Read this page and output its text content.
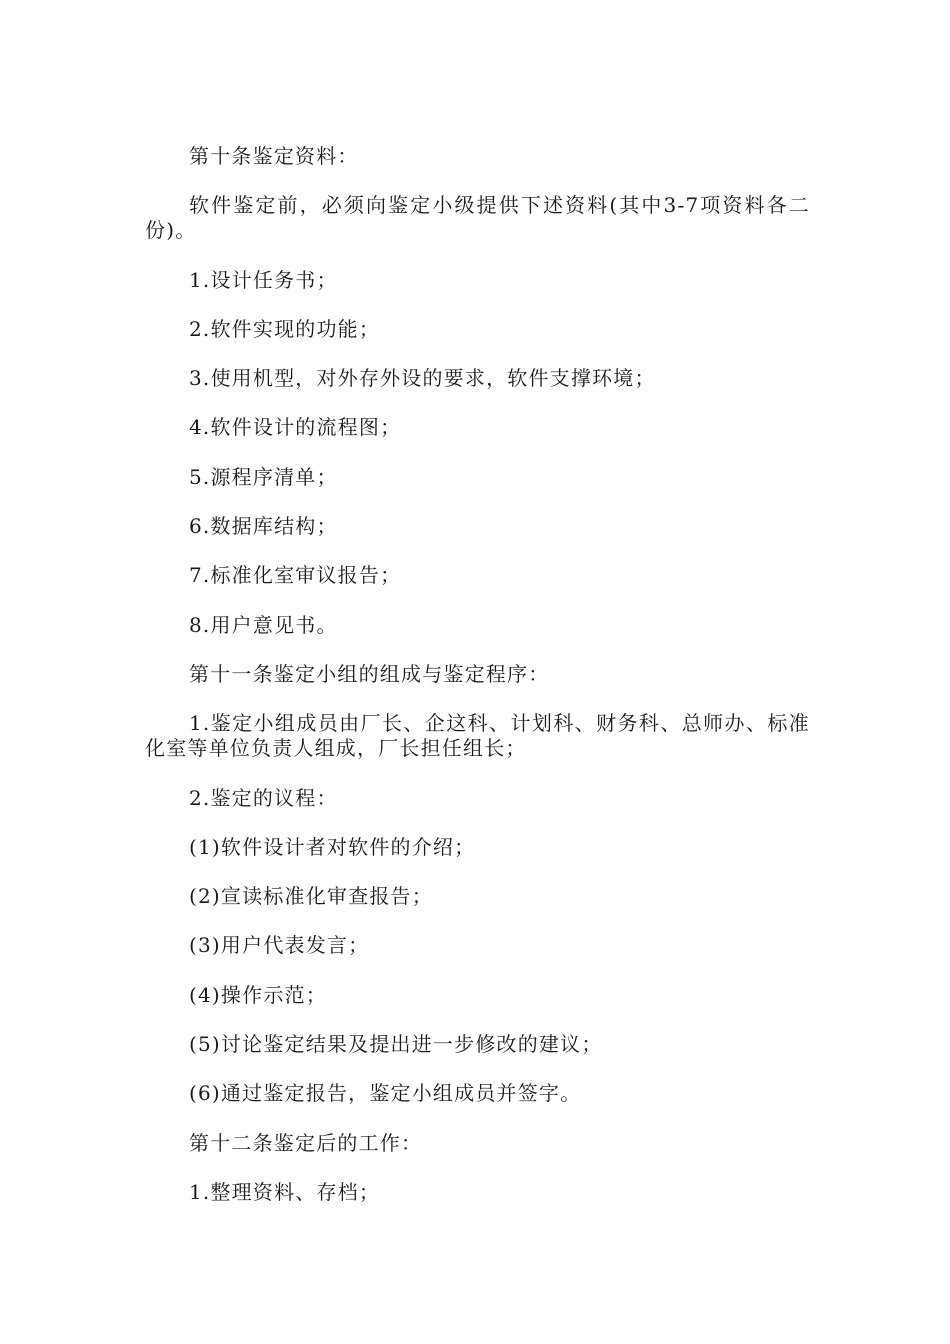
第十条鉴定资料：

软件鉴定前，必须向鉴定小级提供下述资料(其中3-7项资料各二份)。

1.设计任务书；

2.软件实现的功能；

3.使用机型，对外存外设的要求，软件支撑环境；

4.软件设计的流程图；

5.源程序清单；

6.数据库结构；

7.标准化室审议报告；

8.用户意见书。

第十一条鉴定小组的组成与鉴定程序：

1.鉴定小组成员由厂长、企这科、计划科、财务科、总师办、标准化室等单位负责人组成，厂长担任组长；

2.鉴定的议程：

(1)软件设计者对软件的介绍；

(2)宣读标准化审查报告；

(3)用户代表发言；

(4)操作示范；

(5)讨论鉴定结果及提出进一步修改的建议；

(6)通过鉴定报告，鉴定小组成员并签字。

第十二条鉴定后的工作：

1.整理资料、存档；
